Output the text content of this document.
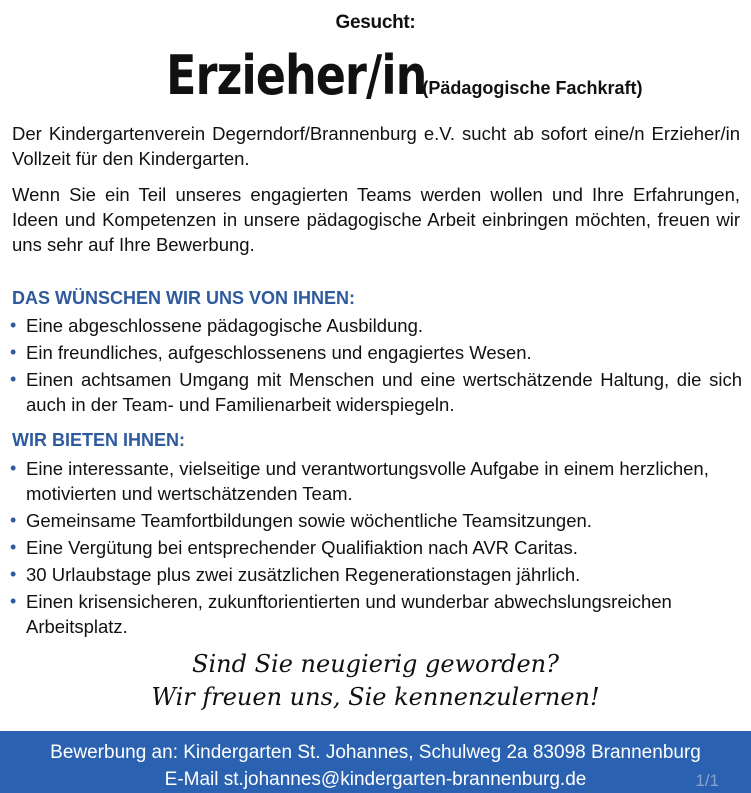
Gesucht:
Erzieher/in (Pädagogische Fachkraft)

Der Kindergartenverein Degerndorf/Brannenburg e.V. sucht ab sofort eine/n Erzieher/in Vollzeit für den Kindergarten.

Wenn Sie ein Teil unseres engagierten Teams werden wollen und Ihre Erfahrungen, Ideen und Kompetenzen in unsere pädagogische Arbeit einbringen möchten, freuen wir uns sehr auf Ihre Bewerbung.

DAS WÜNSCHEN WIR UNS VON IHNEN:
• Eine abgeschlossene pädagogische Ausbildung.
• Ein freundliches, aufgeschlossenens und engagiertes Wesen.
• Einen achtsamen Umgang mit Menschen und eine wertschätzende Haltung, die sich auch in der Team- und Familienarbeit widerspiegeln.
WIR BIETEN IHNEN:
• Eine interessante, vielseitige und verantwortungsvolle Aufgabe in einem herzlichen, motivierten und wertschätzenden Team.
• Gemeinsame Teamfortbildungen sowie wöchentliche Teamsitzungen.
• Eine Vergütung bei entsprechender Qualifiaktion nach AVR Caritas.
• 30 Urlaubstage plus zwei zusätzlichen Regenerationstagen jährlich.
• Einen krisensicheren, zukunftorientierten und wunderbar abwechslungsreichen Arbeitsplatz.
Sind Sie neugierig geworden?
Wir freuen uns, Sie kennenzulernen!
Bewerbung an: Kindergarten St. Johannes, Schulweg 2a 83098 Brannenburg
E-Mail st.johannes@kindergarten-brannenburg.de	1/1
